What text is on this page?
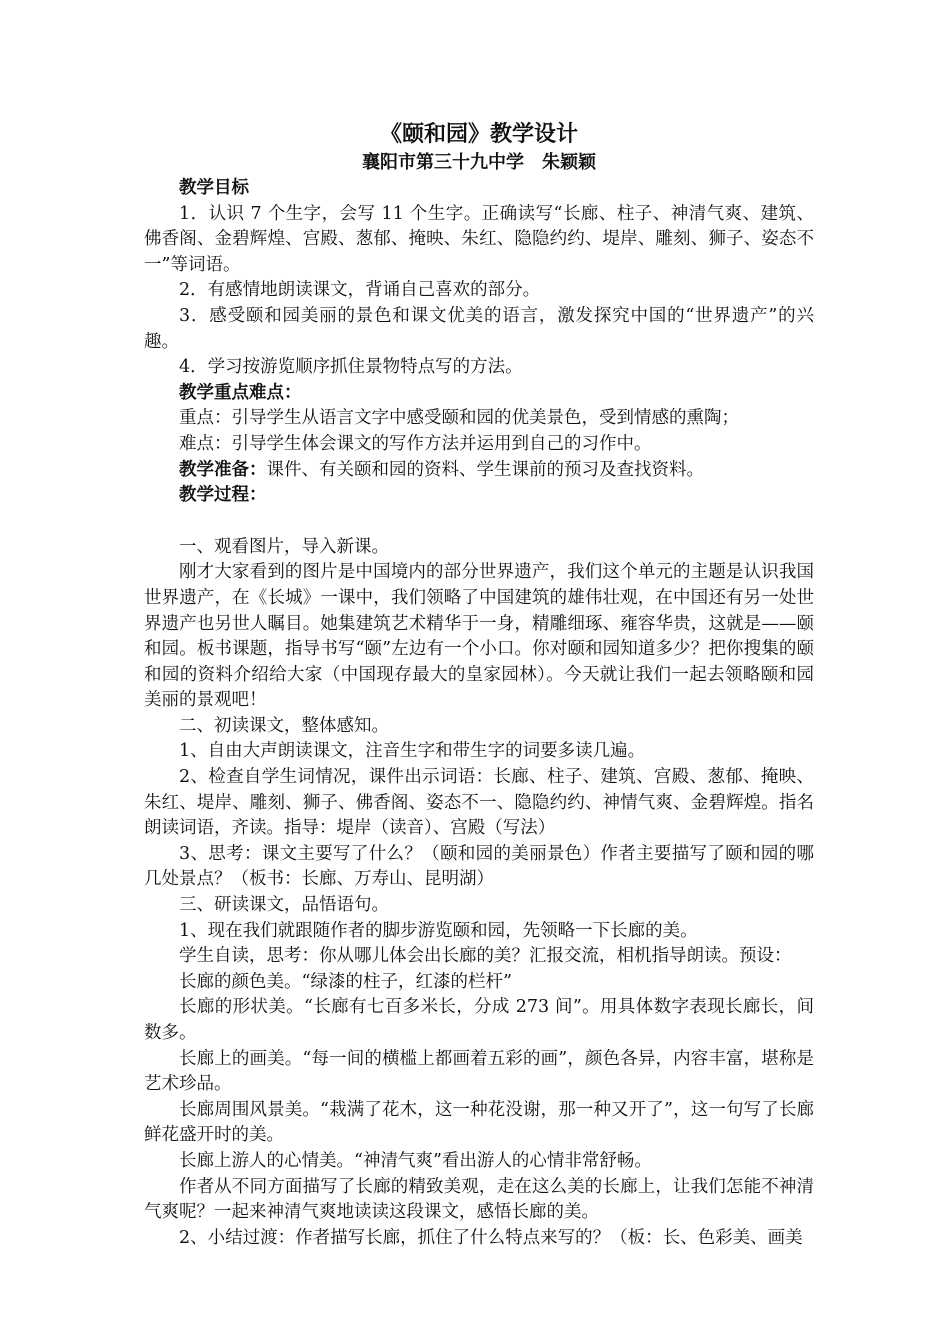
《颐和园》教学设计
襄阳市第三十九中学　朱颖颖

教学目标

1．认识 7 个生字，会写 11 个生字。正确读写“长廊、柱子、神清气爽、建筑、佛香阁、金碧辉煌、宫殿、葱郁、掩映、朱红、隐隐约约、堤岸、雕刻、狮子、姿态不一”等词语。

2．有感情地朗读课文，背诵自己喜欢的部分。

3．感受颐和园美丽的景色和课文优美的语言，激发探究中国的“世界遗产”的兴趣。

4．学习按游览顺序抓住景物特点写的方法。

教学重点难点：

重点：引导学生从语言文字中感受颐和园的优美景色，受到情感的熏陶；

难点：引导学生体会课文的写作方法并运用到自己的习作中。

教学准备：课件、有关颐和园的资料、学生课前的预习及查找资料。

教学过程：

一、观看图片，导入新课。

刚才大家看到的图片是中国境内的部分世界遗产，我们这个单元的主题是认识我国世界遗产，在《长城》一课中，我们领略了中国建筑的雄伟壮观，在中国还有另一处世界遗产也另世人瞩目。她集建筑艺术精华于一身，精雕细琢、雍容华贵，这就是——颐和园。板书课题，指导书写“颐”左边有一个小口。你对颐和园知道多少？把你搜集的颐和园的资料介绍给大家（中国现存最大的皇家园林）。今天就让我们一起去领略颐和园美丽的景观吧！

二、初读课文，整体感知。

1、自由大声朗读课文，注音生字和带生字的词要多读几遍。

2、检查自学生词情况，课件出示词语：长廊、柱子、建筑、宫殿、葱郁、掩映、朱红、堤岸、雕刻、狮子、佛香阁、姿态不一、隐隐约约、神情气爽、金碧辉煌。指名朗读词语，齐读。指导：堤岸（读音）、宫殿（写法）

3、思考：课文主要写了什么？（颐和园的美丽景色）作者主要描写了颐和园的哪几处景点？（板书：长廊、万寿山、昆明湖）

三、研读课文，品悟语句。

1、现在我们就跟随作者的脚步游览颐和园，先领略一下长廊的美。

学生自读，思考：你从哪儿体会出长廊的美？汇报交流，相机指导朗读。预设：

长廊的颜色美。“绿漆的柱子，红漆的栏杆”

长廊的形状美。“长廊有七百多米长，分成 273 间”。用具体数字表现长廊长，间数多。

长廊上的画美。“每一间的横槛上都画着五彩的画”，颜色各异，内容丰富，堪称是艺术珍品。

长廊周围风景美。“栽满了花木，这一种花没谢，那一种又开了”，这一句写了长廊鲜花盛开时的美。

长廊上游人的心情美。“神清气爽”看出游人的心情非常舒畅。

作者从不同方面描写了长廊的精致美观，走在这么美的长廊上，让我们怎能不神清气爽呢？一起来神清气爽地读读这段课文，感悟长廊的美。

2、小结过渡：作者描写长廊，抓住了什么特点来写的？（板：长、色彩美、画美
